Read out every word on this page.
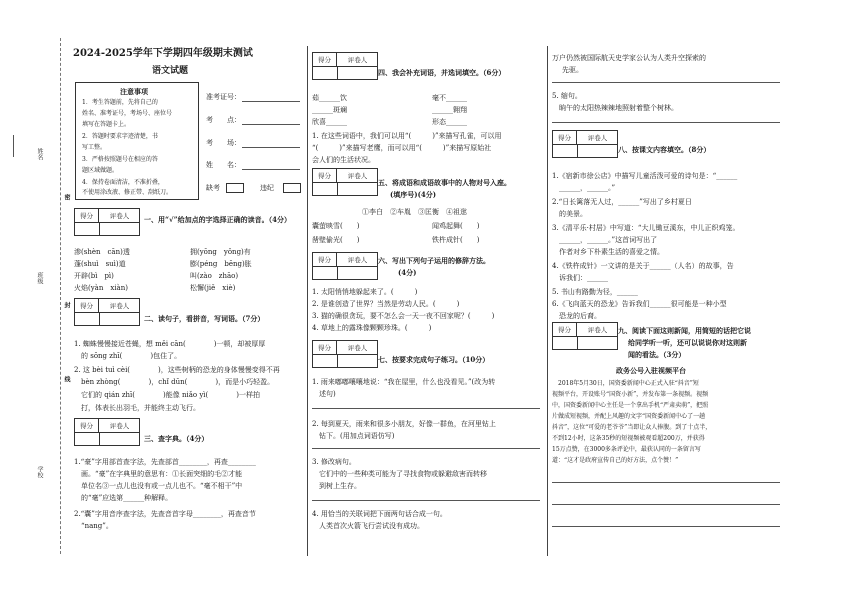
姓名
班级
学校
密
封
线
2024-2025学年下学期四年级期末测试
语文试题
注意事项
1．考生答题前，先将自己的
姓名、准考证号，考场号、座位号
填写在答题卡上。
2．答题时要求字迹清楚，书
写工整。
3．严格按照题号在相应的答
题区域做题。
4．保持卷面清洁，不准折叠，
不使用涂改液、修正带、刮纸刀。
准考证号：
考　　点：
考　　场：
姓　　名：
缺考	违纪
得分	评卷人	一、用“√”给加点的字选择正确的读音。（4分）
渗(shèn　cān)透	拥(yōng　yǒng)有
蓬(shuì　suì)道	膨(péng　bēng)胀
开辟(bì　pì)	叫(zào　zhāo)
火焰(yàn　xiàn)	松懈(jiě　xiè)
得分	评卷人
二、读句子，看拼音，写词语。（7分）
1. 蜘蛛慢慢接近苍蝇，想 měi cān(　　　　)一顿，却被厚厚
　的 sōng zhī(　　　　)包住了。
2. 这 bèi tuì cèi(　　　　)，这些树柄的恐龙的身体慢慢变得不再
　bèn zhòng(　　　　)，chǐ dūn(　　　　)，而是小巧轻盈。
　它们的 qián zhī(　　　　)能像 niǎo yì(　　　　)一样拍
　打，体表长出羽毛，并能终主动飞行。
得分	评卷人
三、查字典。（4分）
1.“豪”字用部首查字法，先查部首________，再查________
　画。“豪”在字典里的意思有：①长面突细的毛②才能
　单位名③一点儿也没有或一点儿也不。“毫不相干”中
　的“毫”应选第______种解释。
2.“囊”字用音序查字法，先查音首字母________，再查音节
　“nang”。
得分	评卷人
四、我会补充词语，并选词填空。（6分）
茹______饮	毫不______
______斑斓	______翱翔
欣喜______	形态______
1. 在这些词语中，我们可以用“(　　　)”来描写孔雀，可以用
“(　　　)”来描写老鹰，而可以用“(　　　)”来描写原始社
会人们的生活状况。
得分	评卷人
五、将成语和成语故事中的人物对号入座。
(填序号)(4分)
①李白　②车胤　③匡衡　④祖逖
囊萤映雪(　　)	闻鸡起舞(　　)
凿壁偷光(　　)	铁杵成针(　　)
得分	评卷人	六、写出下列句子运用的修辞方法。
(4分)
1. 太阳悄悄地躲起来了。(　　　)
2. 是谁创造了世界？当然是劳动人民。(　　　)
3. 猫的确很贪玩，要不怎么会一天一夜不回家呢？(　　　)
4. 草地上的露珠像颗颗珍珠。(　　　)
得分	评卷人
七、按要求完成句子练习。（10分）
1. 雨来嘟嘟嚷嚷地说：“我在屋里，什么也没看见。”(改为转
　述句)
2. 每到夏天，雨来和很多小朋友，好像一群鱼，在河里钻上
　钻下。(用加点词语仿写)
3. 修改病句。
　它们中的一些种类可能为了寻找食物或躲避敌害而转移
　到树上生存。
4. 用恰当的关联词把下面两句话合成一句。
　人类首次火箭飞行尝试没有成功。
万户仍然被国际航天史学家公认为人类升空探索的
先驱。
5. 缩句。
　晌午的太阳热辣辣地照射着整个树林。
得分	评卷人
八、按课文内容填空。（8分）
1.《宿新市徐公店》中描写儿童活泼可爱的诗句是：“______
　______，______。”
2.“日长篱落无人过，______”写出了乡村夏日
　的美景。
3.《清平乐·村居》中写道：“大儿锄豆溪东，中儿正织鸡笼。
　______，______。”这首词写出了
　作者对乡下朴素生活的喜爱之情。
4.《铁杵成针》一文讲的是关于______（人名）的故事，告
　诉我们：______
5. 书山有路勤为径，______
6.《飞向蓝天的恐龙》告诉我们______很可能是一种小型
　恐龙的后裔。
得分	评卷人	九、阅读下面这则新闻，用简短的话把它说
给同学听一听，还可以说说你对这则新
闻的看法。（3分）
政务公号入驻视频平台
　2018年5月30日，国资委新闻中心正式入驻“抖音”短
视频平台，开设账号“国资小新”，并发布第一条视频。视频
中，国资委新闻中心主任是一个拿出手机“严肃卖萌”，把照
片做成短视频，并配上风趣的文字“国资委新闻中心了一趟
抖音”，这位“可爱的老爷爷”当即让众人捧腹。到了十点半，
不到12小时，这条35秒的短视频被观看超200万，并获得
15万点赞，在3000多条评论中，最获认同的一条留言写
道：“这才是政府宣传自己的好方法，点个赞！”
